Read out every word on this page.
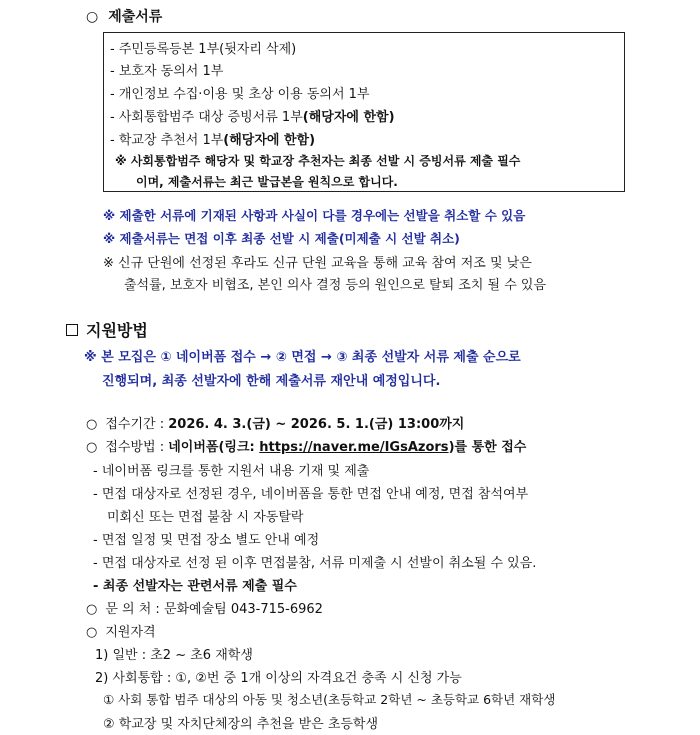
○ 제출서류
- 주민등록등본 1부(뒷자리 삭제)
- 보호자 동의서 1부
- 개인정보 수집·이용 및 초상 이용 동의서 1부
- 사회통합범주 대상 증빙서류 1부(해당자에 한함)
- 학교장 추천서 1부(해당자에 한함)
※ 사회통합범주 해당자 및 학교장 추천자는 최종 선발 시 증빙서류 제출 필수
이며, 제출서류는 최근 발급본을 원칙으로 합니다.
※ 제출한 서류에 기재된 사항과 사실이 다를 경우에는 선발을 취소할 수 있음
※ 제출서류는 면접 이후 최종 선발 시 제출(미제출 시 선발 취소)
※ 신규 단원에 선정된 후라도 신규 단원 교육을 통해 교육 참여 저조 및 낮은
출석률, 보호자 비협조, 본인 의사 결정 등의 원인으로 탈퇴 조치 될 수 있음
지원방법
※ 본 모집은 ① 네이버폼 접수 → ② 면접 → ③ 최종 선발자 서류 제출 순으로
진행되며, 최종 선발자에 한해 제출서류 재안내 예정입니다.
○ 접수기간 : 2026. 4. 3.(금) ~ 2026. 5. 1.(금) 13:00까지
○ 접수방법 : 네이버폼(링크: https://naver.me/IGsAzors)를 통한 접수
- 네이버폼 링크를 통한 지원서 내용 기재 및 제출
- 면접 대상자로 선정된 경우, 네이버폼을 통한 면접 안내 예정, 면접 참석여부
미회신 또는 면접 불참 시 자동탈락
- 면접 일정 및 면접 장소 별도 안내 예정
- 면접 대상자로 선정 된 이후 면접불참, 서류 미제출 시 선발이 취소될 수 있음.
- 최종 선발자는 관련서류 제출 필수
○ 문 의 처 : 문화예술팀 043-715-6962
○ 지원자격
1) 일반 : 초2 ~ 초6 재학생
2) 사회통합 : ①, ②번 중 1개 이상의 자격요건 충족 시 신청 가능
① 사회 통합 범주 대상의 아동 및 청소년(초등학교 2학년 ~ 초등학교 6학년 재학생
② 학교장 및 자치단체장의 추천을 받은 초등학생
